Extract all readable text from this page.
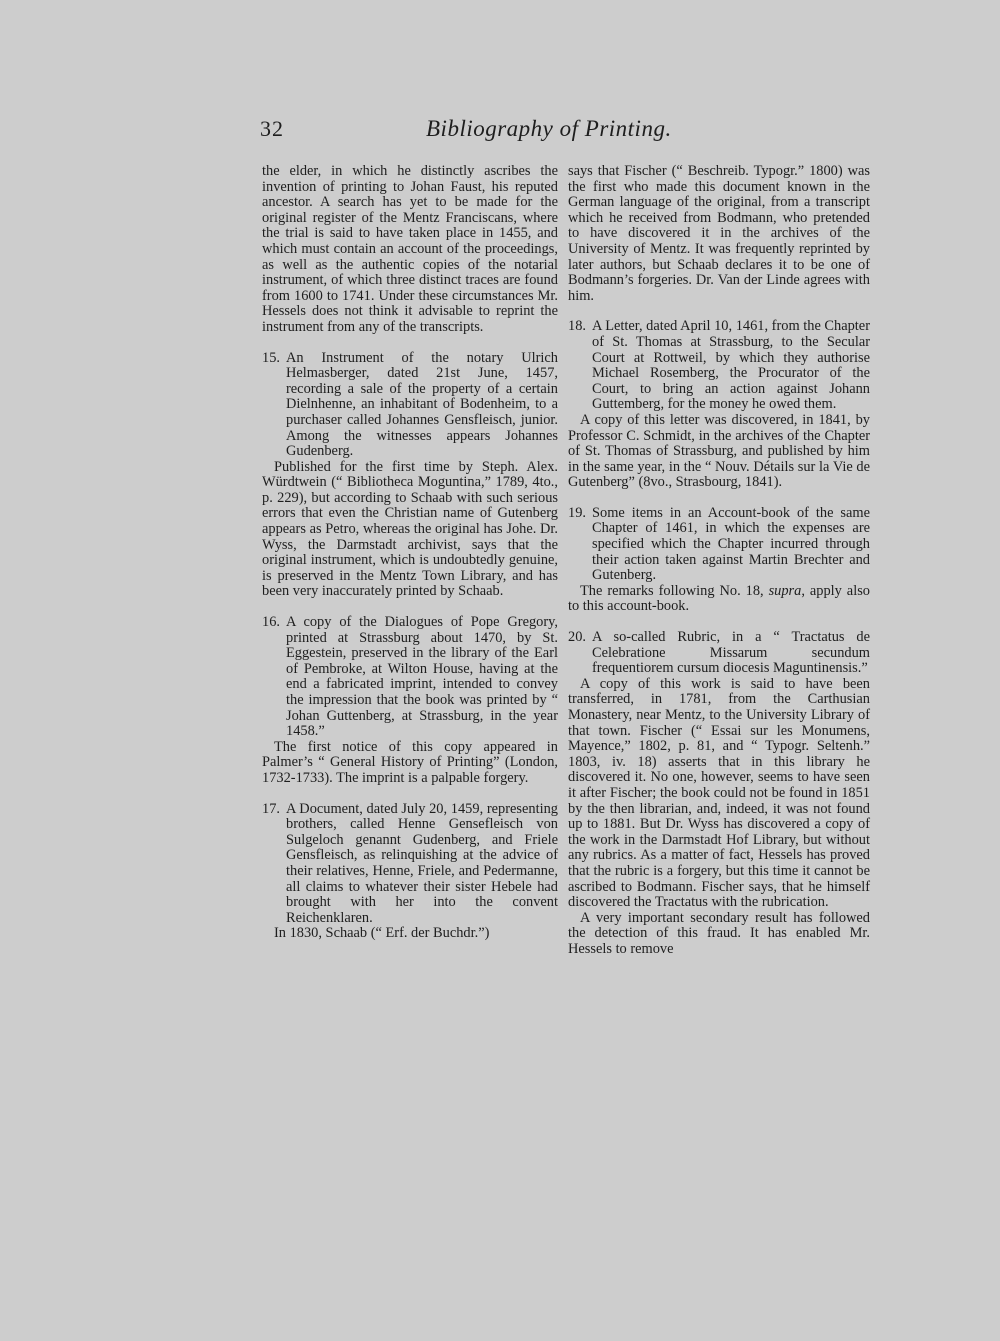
32	Bibliography of Printing.

the elder, in which he distinctly ascribes the invention of printing to Johan Faust, his reputed ancestor. A search has yet to be made for the original register of the Mentz Franciscans, where the trial is said to have taken place in 1455, and which must contain an account of the proceedings, as well as the authentic copies of the notarial instrument, of which three distinct traces are found from 1600 to 1741. Under these circumstances Mr. Hessels does not think it advisable to reprint the instrument from any of the transcripts.

15. An Instrument of the notary Ulrich Helmasberger, dated 21st June, 1457, recording a sale of the property of a certain Dielnhenne, an inhabitant of Bodenheim, to a purchaser called Johannes Gensfleisch, junior. Among the witnesses appears Johannes Gudenberg.

Published for the first time by Steph. Alex. Würdtwein (“ Bibliotheca Moguntina,” 1789, 4to., p. 229), but according to Schaab with such serious errors that even the Christian name of Gutenberg appears as Petro, whereas the original has Johe. Dr. Wyss, the Darmstadt archivist, says that the original instrument, which is undoubtedly genuine, is preserved in the Mentz Town Library, and has been very inaccurately printed by Schaab.

16. A copy of the Dialogues of Pope Gregory, printed at Strassburg about 1470, by St. Eggestein, preserved in the library of the Earl of Pembroke, at Wilton House, having at the end a fabricated imprint, intended to convey the impression that the book was printed by “ Johan Guttenberg, at Strassburg, in the year 1458.”

The first notice of this copy appeared in Palmer’s “ General History of Printing” (London, 1732-1733). The imprint is a palpable forgery.

17. A Document, dated July 20, 1459, representing brothers, called Henne Gensefleisch von Sulgeloch genannt Gudenberg, and Friele Gensfleisch, as relinquishing at the advice of their relatives, Henne, Friele, and Pedermanne, all claims to whatever their sister Hebele had brought with her into the convent Reichenklaren.

In 1830, Schaab (“ Erf. der Buchdr.”)

says that Fischer (“ Beschreib. Typogr.” 1800) was the first who made this document known in the German language of the original, from a transcript which he received from Bodmann, who pretended to have discovered it in the archives of the University of Mentz. It was frequently reprinted by later authors, but Schaab declares it to be one of Bodmann’s forgeries. Dr. Van der Linde agrees with him.

18. A Letter, dated April 10, 1461, from the Chapter of St. Thomas at Strassburg, to the Secular Court at Rottweil, by which they authorise Michael Rosemberg, the Procurator of the Court, to bring an action against Johann Guttemberg, for the money he owed them.

A copy of this letter was discovered, in 1841, by Professor C. Schmidt, in the archives of the Chapter of St. Thomas of Strassburg, and published by him in the same year, in the “ Nouv. Détails sur la Vie de Gutenberg” (8vo., Strasbourg, 1841).

19. Some items in an Account-book of the same Chapter of 1461, in which the expenses are specified which the Chapter incurred through their action taken against Martin Brechter and Gutenberg.

The remarks following No. 18, supra, apply also to this account-book.

20. A so-called Rubric, in a “ Tractatus de Celebratione Missarum secundum frequentiorem cursum diocesis Maguntinensis.”

A copy of this work is said to have been transferred, in 1781, from the Carthusian Monastery, near Mentz, to the University Library of that town. Fischer (“ Essai sur les Monumens, Mayence,” 1802, p. 81, and “ Typogr. Seltenh.” 1803, iv. 18) asserts that in this library he discovered it. No one, however, seems to have seen it after Fischer; the book could not be found in 1851 by the then librarian, and, indeed, it was not found up to 1881. But Dr. Wyss has discovered a copy of the work in the Darmstadt Hof Library, but without any rubrics. As a matter of fact, Hessels has proved that the rubric is a forgery, but this time it cannot be ascribed to Bodmann. Fischer says, that he himself discovered the Tractatus with the rubrication.

A very important secondary result has followed the detection of this fraud. It has enabled Mr. Hessels to remove
